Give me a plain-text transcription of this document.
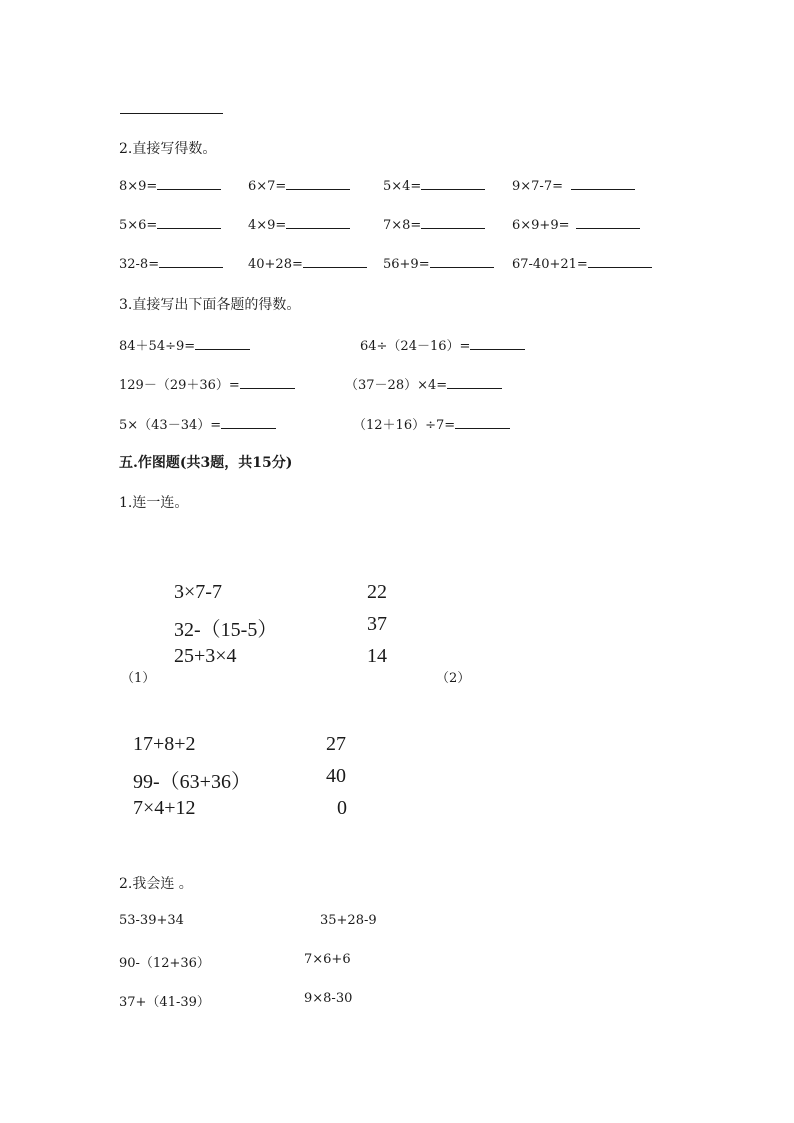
2.直接写得数。
8×9=	6×7=	5×4=	9×7-7=
5×6=	4×9=	7×8=	6×9+9=
32-8=	40+28=	56+9=	67-40+21=
3.直接写出下面各题的得数。
84＋54÷9=	64÷（24－16）=
129－（29＋36）=	（37－28）×4=
5×（43－34）=	（12＋16）÷7=
五.作图题(共3题，共15分)
1.连一连。
3×7-7
32-（15-5）
25+3×4
22
37
14
（1）	（2）
17+8+2
99-（63+36）
7×4+12
27
40
0
2.我会连 。
53-39+34
90-（12+36）
37+（41-39）
35+28-9
7×6+6
9×8-30
